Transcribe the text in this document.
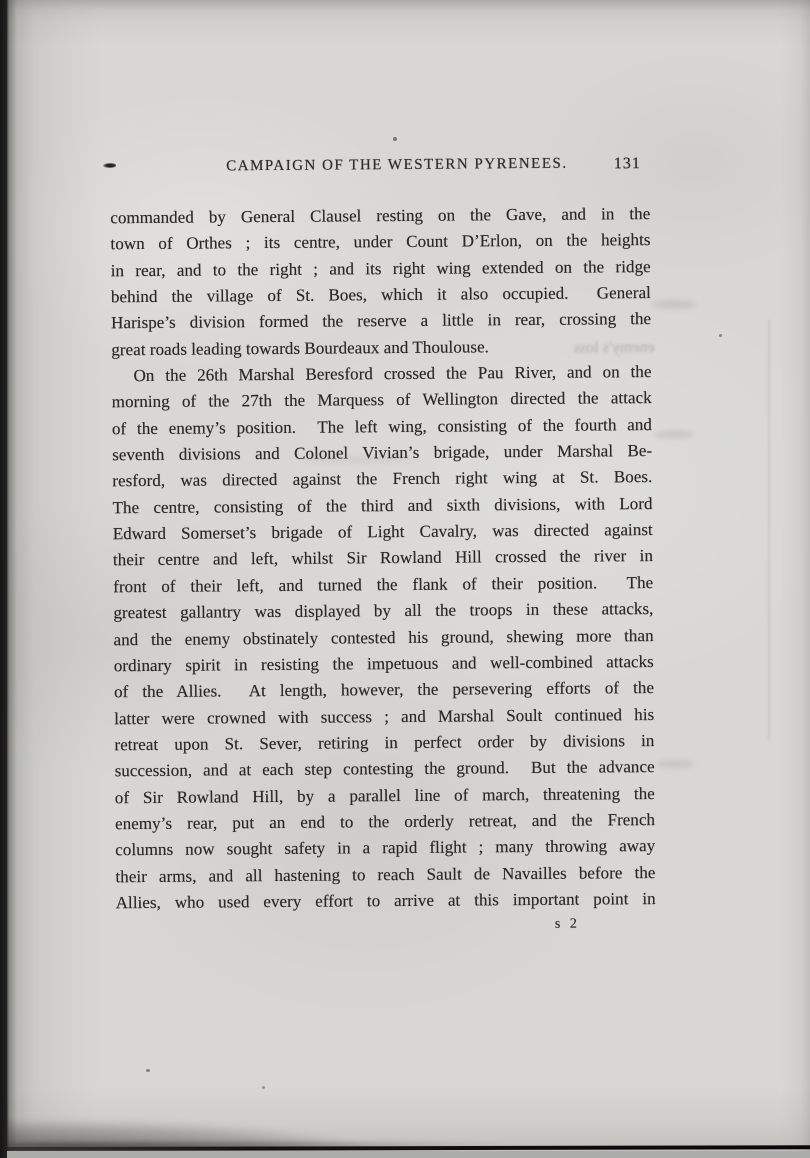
CAMPAIGN OF THE WESTERN PYRENEES.	131
commanded by General Clausel resting on the Gave, and in the
town of Orthes ; its centre, under Count D’Erlon, on the heights
in rear, and to the right ; and its right wing extended on the ridge
behind the village of St. Boes, which it also occupied.  General
Harispe’s division formed the reserve a little in rear, crossing the
great roads leading towards Bourdeaux and Thoulouse.
On the 26th Marshal Beresford crossed the Pau River, and on the
morning of the 27th the Marquess of Wellington directed the attack
of the enemy’s position.  The left wing, consisting of the fourth and
seventh divisions and Colonel Vivian’s brigade, under Marshal Be-
resford, was directed against the French right wing at St. Boes.
The centre, consisting of the third and sixth divisions, with Lord
Edward Somerset’s brigade of Light Cavalry, was directed against
their centre and left, whilst Sir Rowland Hill crossed the river in
front of their left, and turned the flank of their position.  The
greatest gallantry was displayed by all the troops in these attacks,
and the enemy obstinately contested his ground, shewing more than
ordinary spirit in resisting the impetuous and well-combined attacks
of the Allies.  At length, however, the persevering efforts of the
latter were crowned with success ; and Marshal Soult continued his
retreat upon St. Sever, retiring in perfect order by divisions in
succession, and at each step contesting the ground.  But the advance
of Sir Rowland Hill, by a parallel line of march, threatening the
enemy’s rear, put an end to the orderly retreat, and the French
columns now sought safety in a rapid flight ; many throwing away
their arms, and all hastening to reach Sault de Navailles before the
Allies, who used every effort to arrive at this important point in
s 2
enemy's loss
